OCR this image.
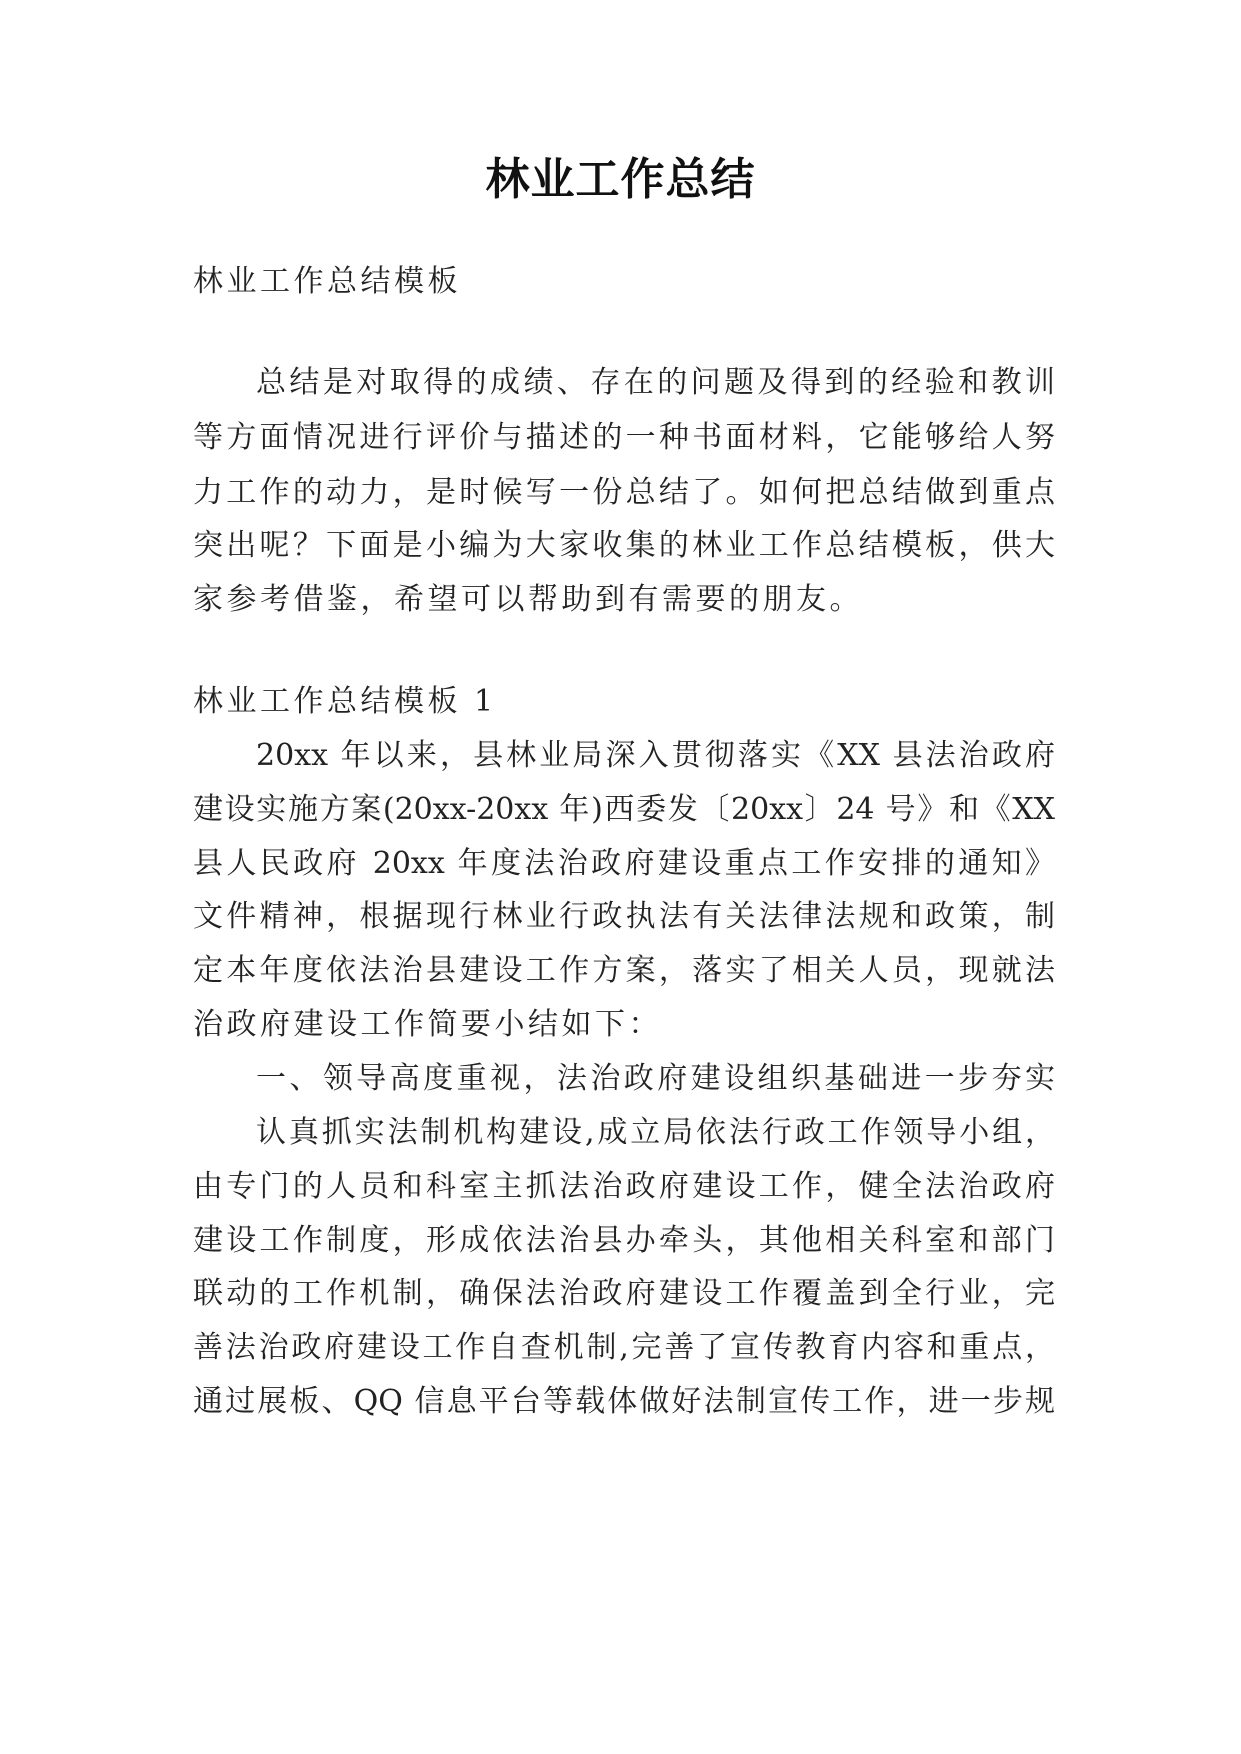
林业工作总结
林业工作总结模板
总结是对取得的成绩、存在的问题及得到的经验和教训
等方面情况进行评价与描述的一种书面材料，它能够给人努
力工作的动力，是时候写一份总结了。如何把总结做到重点
突出呢？下面是小编为大家收集的林业工作总结模板，供大
家参考借鉴，希望可以帮助到有需要的朋友。
林业工作总结模板 1
20xx 年以来，县林业局深入贯彻落实《XX 县法治政府
建设实施方案(20xx-20xx 年)西委发〔20xx〕24 号》和《XX
县人民政府 20xx 年度法治政府建设重点工作安排的通知》
文件精神，根据现行林业行政执法有关法律法规和政策，制
定本年度依法治县建设工作方案，落实了相关人员，现就法
治政府建设工作简要小结如下：
一、领导高度重视，法治政府建设组织基础进一步夯实
认真抓实法制机构建设,成立局依法行政工作领导小组，
由专门的人员和科室主抓法治政府建设工作，健全法治政府
建设工作制度，形成依法治县办牵头，其他相关科室和部门
联动的工作机制，确保法治政府建设工作覆盖到全行业，完
善法治政府建设工作自查机制,完善了宣传教育内容和重点，
通过展板、QQ 信息平台等载体做好法制宣传工作，进一步规
